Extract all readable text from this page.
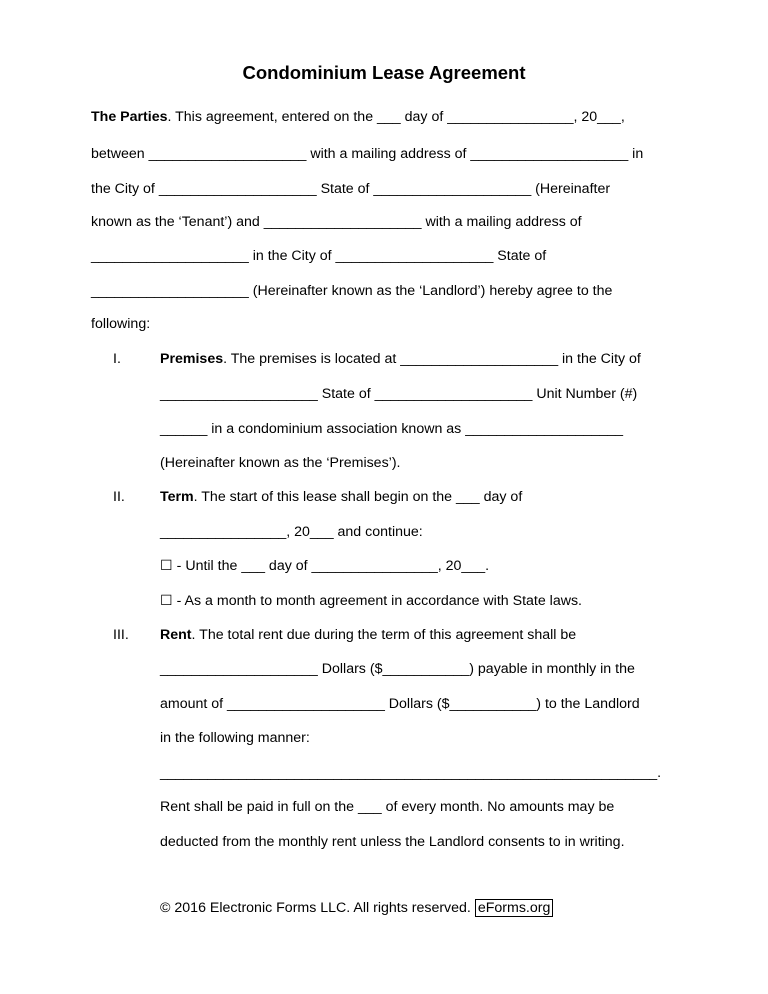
Condominium Lease Agreement
The Parties. This agreement, entered on the ___ day of ________________, 20___,
between ____________________ with a mailing address of ____________________ in
the City of ____________________ State of ____________________ (Hereinafter
known as the ‘Tenant’) and ____________________ with a mailing address of
____________________ in the City of ____________________ State of
____________________ (Hereinafter known as the ‘Landlord’) hereby agree to the
following:
I.	Premises. The premises is located at ____________________ in the City of
____________________ State of ____________________ Unit Number (#)
______ in a condominium association known as ____________________
(Hereinafter known as the ‘Premises’).
II. Term. The start of this lease shall begin on the ___ day of
________________, 20___ and continue:
☐ - Until the ___ day of ________________, 20___.
☐ - As a month to month agreement in accordance with State laws.
III. Rent. The total rent due during the term of this agreement shall be
____________________ Dollars ($___________) payable in monthly in the
amount of ____________________ Dollars ($___________) to the Landlord
in the following manner:
_______________________________________________________________.
Rent shall be paid in full on the ___ of every month. No amounts may be
deducted from the monthly rent unless the Landlord consents to in writing.
© 2016 Electronic Forms LLC. All rights reserved. eForms.org
